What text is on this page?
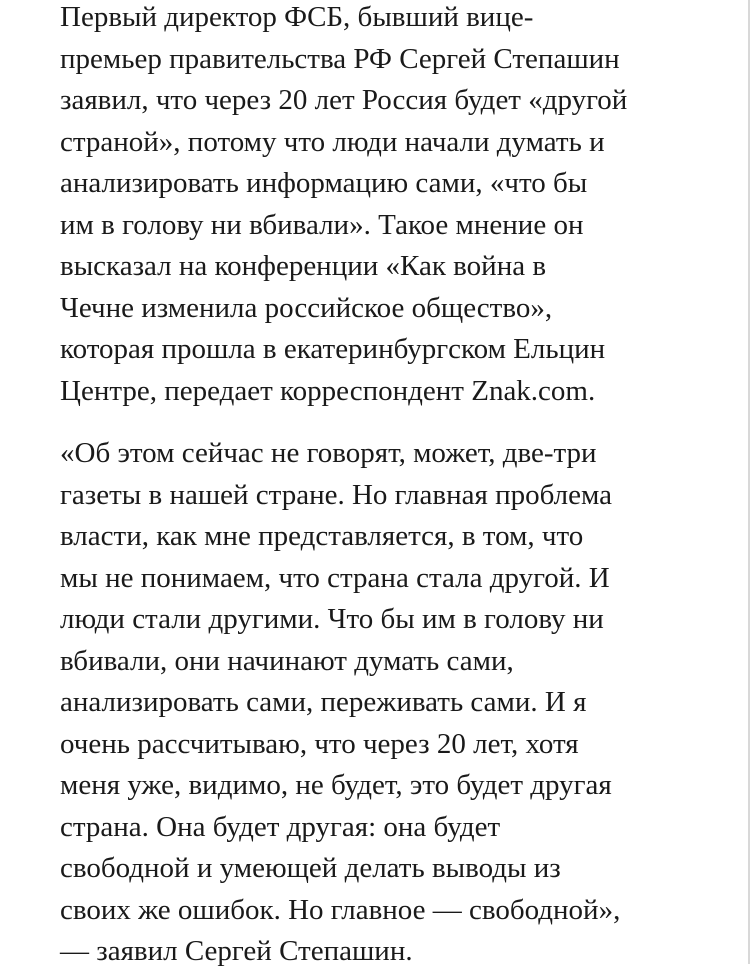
Первый директор ФСБ, бывший вице-
премьер правительства РФ Сергей Степашин
заявил, что через 20 лет Россия будет «другой
страной», потому что люди начали думать и
анализировать информацию сами, «что бы
им в голову ни вбивали». Такое мнение он
высказал на конференции «Как война в
Чечне изменила российское общество»,
которая прошла в екатеринбургском Ельцин
Центре, передает корреспондент Znak.com.

«Об этом сейчас не говорят, может, две-три
газеты в нашей стране. Но главная проблема
власти, как мне представляется, в том, что
мы не понимаем, что страна стала другой. И
люди стали другими. Что бы им в голову ни
вбивали, они начинают думать сами,
анализировать сами, переживать сами. И я
очень рассчитываю, что через 20 лет, хотя
меня уже, видимо, не будет, это будет другая
страна. Она будет другая: она будет
свободной и умеющей делать выводы из
своих же ошибок. Но главное — свободной»,
— заявил Сергей Степашин.
